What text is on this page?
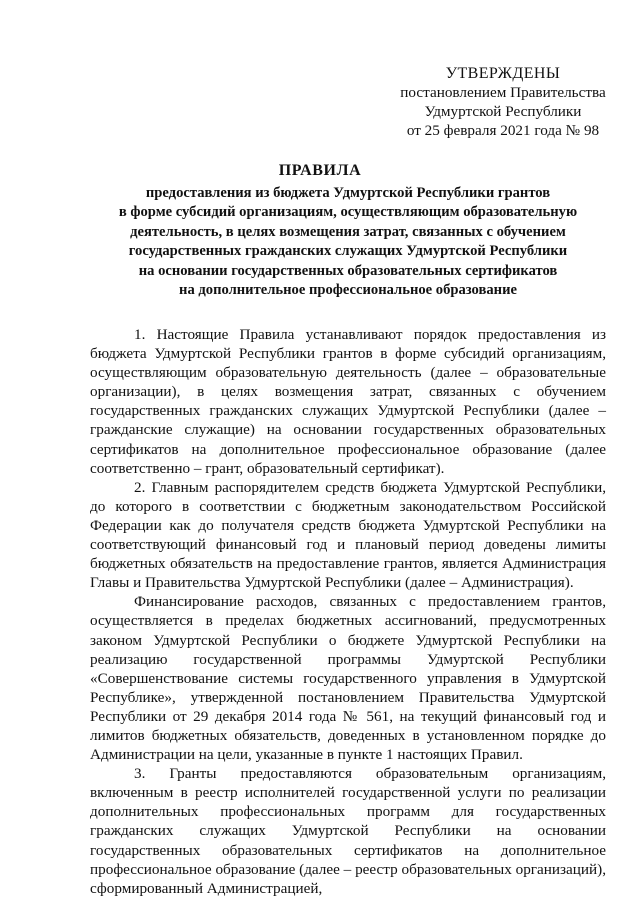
УТВЕРЖДЕНЫ
постановлением Правительства
Удмуртской Республики
от 25 февраля 2021 года № 98
ПРАВИЛА
предоставления из бюджета Удмуртской Республики грантов
в форме субсидий организациям, осуществляющим образовательную
деятельность, в целях возмещения затрат, связанных с обучением
государственных гражданских служащих Удмуртской Республики
на основании государственных образовательных сертификатов
на дополнительное профессиональное образование

1. Настоящие Правила устанавливают порядок предоставления из бюджета Удмуртской Республики грантов в форме субсидий организациям, осуществляющим образовательную деятельность (далее – образовательные организации), в целях возмещения затрат, связанных с обучением государственных гражданских служащих Удмуртской Республики (далее – гражданские служащие) на основании государственных образовательных сертификатов на дополнительное профессиональное образование (далее соответственно – грант, образовательный сертификат).

2. Главным распорядителем средств бюджета Удмуртской Республики, до которого в соответствии с бюджетным законодательством Российской Федерации как до получателя средств бюджета Удмуртской Республики на соответствующий финансовый год и плановый период доведены лимиты бюджетных обязательств на предоставление грантов, является Администрация Главы и Правительства Удмуртской Республики (далее – Администрация).

Финансирование расходов, связанных с предоставлением грантов, осуществляется в пределах бюджетных ассигнований, предусмотренных законом Удмуртской Республики о бюджете Удмуртской Республики на реализацию государственной программы Удмуртской Республики «Совершенствование системы государственного управления в Удмуртской Республике», утвержденной постановлением Правительства Удмуртской Республики от 29 декабря 2014 года № 561, на текущий финансовый год и лимитов бюджетных обязательств, доведенных в установленном порядке до Администрации на цели, указанные в пункте 1 настоящих Правил.

3. Гранты предоставляются образовательным организациям, включенным в реестр исполнителей государственной услуги по реализации дополнительных профессиональных программ для государственных гражданских служащих Удмуртской Республики на основании государственных образовательных сертификатов на дополнительное профессиональное образование (далее – реестр образовательных организаций), сформированный Администрацией,
